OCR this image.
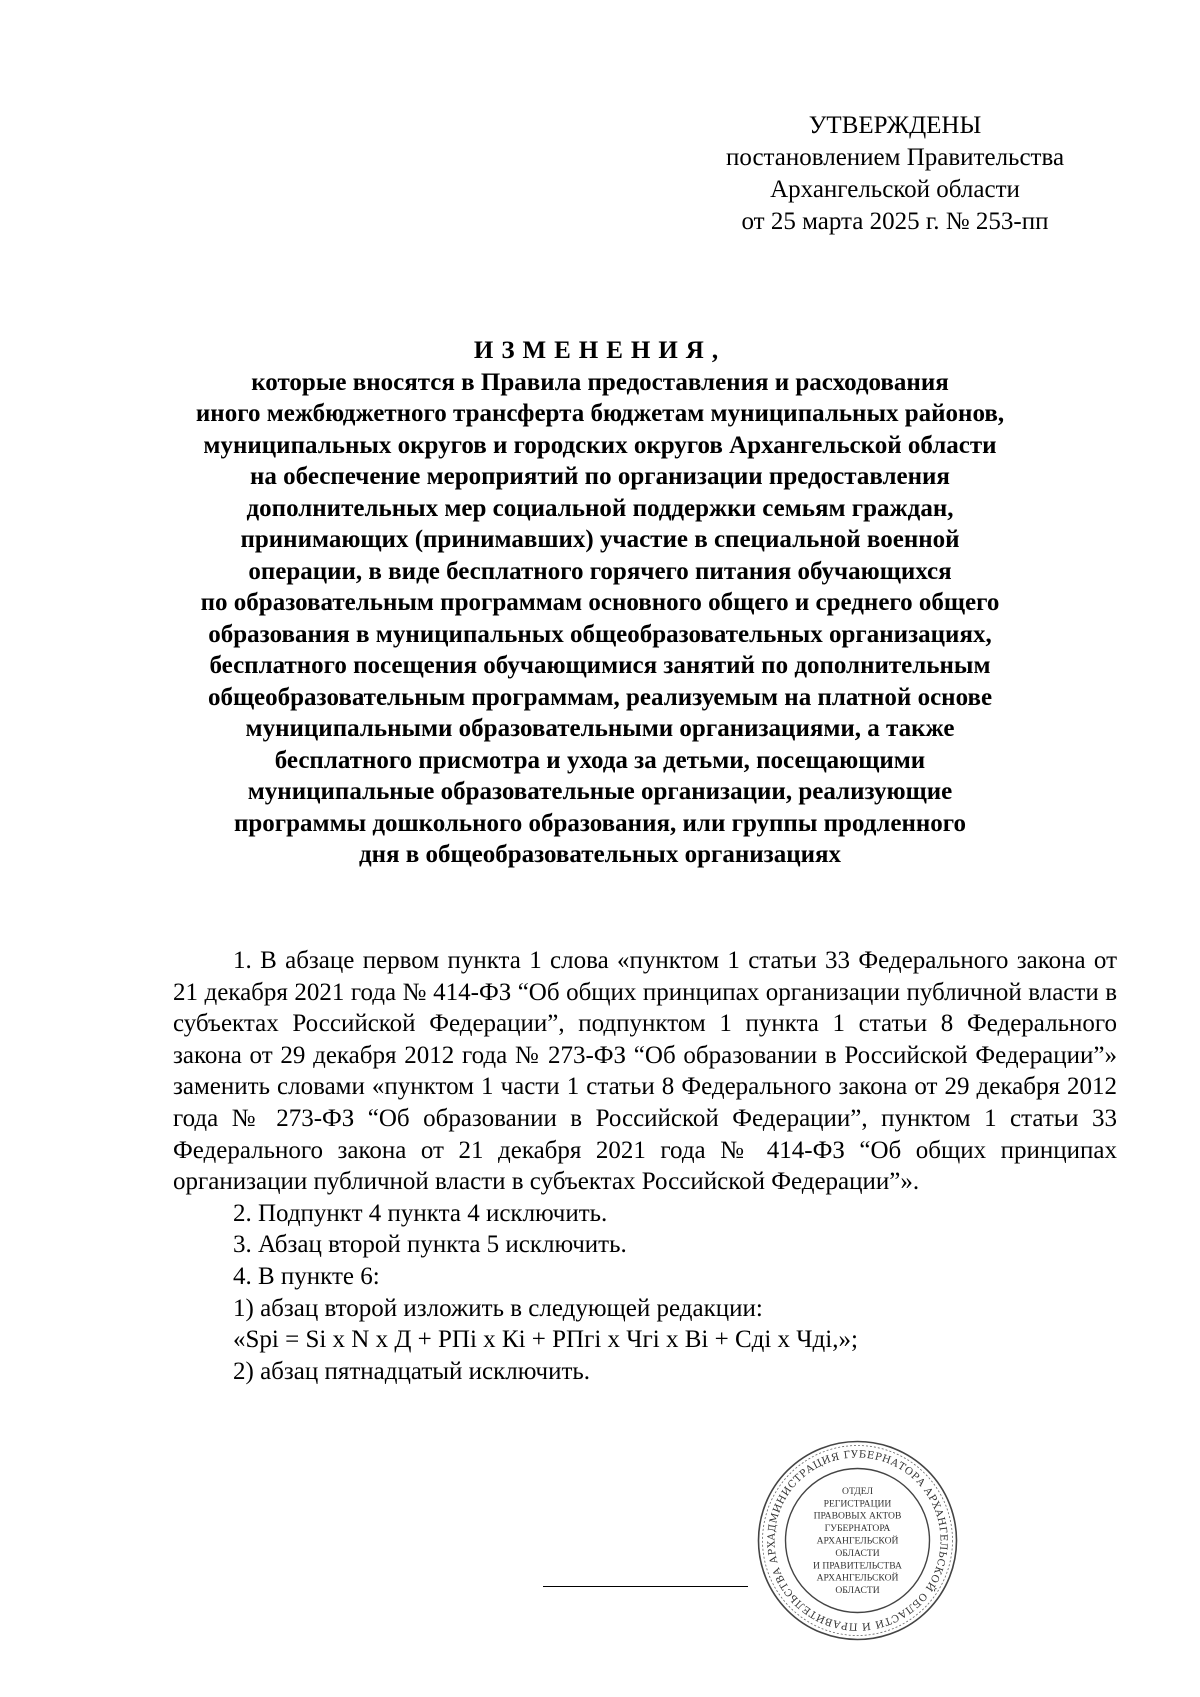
УТВЕРЖДЕНЫ
постановлением Правительства
Архангельской области
от 25 марта 2025 г. № 253-пп
ИЗМЕНЕНИЯ,
которые вносятся в Правила предоставления и расходования
иного межбюджетного трансферта бюджетам муниципальных районов,
муниципальных округов и городских округов Архангельской области
на обеспечение мероприятий по организации предоставления
дополнительных мер социальной поддержки семьям граждан,
принимающих (принимавших) участие в специальной военной
операции, в виде бесплатного горячего питания обучающихся
по образовательным программам основного общего и среднего общего
образования в муниципальных общеобразовательных организациях,
бесплатного посещения обучающимися занятий по дополнительным
общеобразовательным программам, реализуемым на платной основе
муниципальными образовательными организациями, а также
бесплатного присмотра и ухода за детьми, посещающими
муниципальные образовательные организации, реализующие
программы дошкольного образования, или группы продленного
дня в общеобразовательных организациях

1. В абзаце первом пункта 1 слова «пунктом 1 статьи 33 Федерального закона от 21 декабря 2021 года № 414-ФЗ “Об общих принципах организации публичной власти в субъектах Российской Федерации”, подпунктом 1 пункта 1 статьи 8 Федерального закона от 29 декабря 2012 года № 273-ФЗ “Об образовании в Российской Федерации”» заменить словами «пунктом 1 части 1 статьи 8 Федерального закона от 29 декабря 2012 года № 273-ФЗ “Об образовании в Российской Федерации”, пунктом 1 статьи 33 Федерального закона от 21 декабря 2021 года № 414-ФЗ “Об общих принципах организации публичной власти в субъектах Российской Федерации”».

2. Подпункт 4 пункта 4 исключить.

3. Абзац второй пункта 5 исключить.

4. В пункте 6:

1) абзац второй изложить в следующей редакции:

«Spi = Si x N x Д + РПi x Кi + РПгi x Чгi x Вi + Сдi x Чдi,»;

2) абзац пятнадцатый исключить.

АДМИНИСТРАЦИЯ ГУБЕРНАТОРА АРХАНГЕЛЬСКОЙ ОБЛАСТИ И ПРАВИТЕЛЬСТВА АРХ
ОТДЕЛ
РЕГИСТРАЦИИ
ПРАВОВЫХ АКТОВ
ГУБЕРНАТОРА
АРХАНГЕЛЬСКОЙ
ОБЛАСТИ
И ПРАВИТЕЛЬСТВА
АРХАНГЕЛЬСКОЙ
ОБЛАСТИ
